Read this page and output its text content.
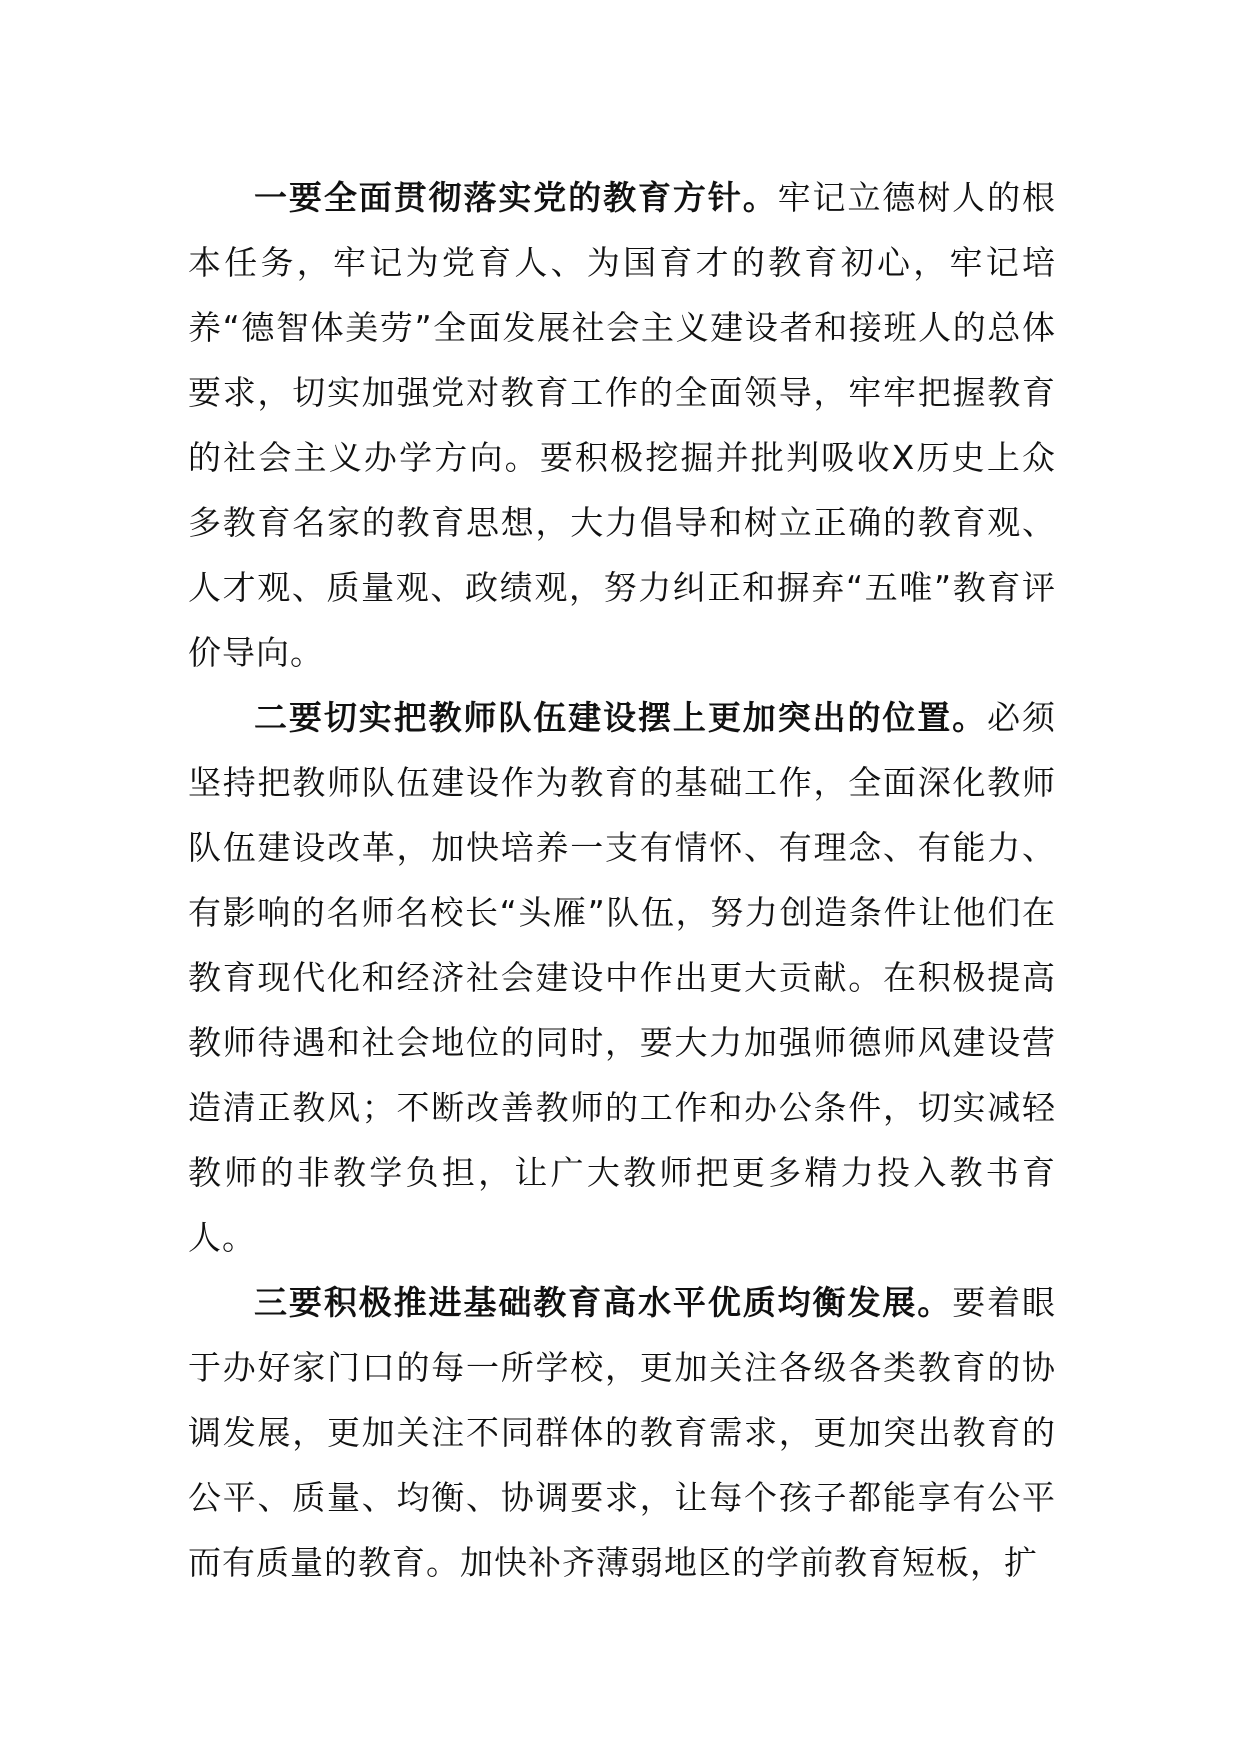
一要全面贯彻落实党的教育方针。牢记立德树人的根本任务，牢记为党育人、为国育才的教育初心，牢记培养“德智体美劳”全面发展社会主义建设者和接班人的总体要求，切实加强党对教育工作的全面领导，牢牢把握教育的社会主义办学方向。要积极挖掘并批判吸收X历史上众多教育名家的教育思想，大力倡导和树立正确的教育观、人才观、质量观、政绩观，努力纠正和摒弃“五唯”教育评价导向。

二要切实把教师队伍建设摆上更加突出的位置。必须坚持把教师队伍建设作为教育的基础工作，全面深化教师队伍建设改革，加快培养一支有情怀、有理念、有能力、有影响的名师名校长“头雁”队伍，努力创造条件让他们在教育现代化和经济社会建设中作出更大贡献。在积极提高教师待遇和社会地位的同时，要大力加强师德师风建设营造清正教风；不断改善教师的工作和办公条件，切实减轻教师的非教学负担，让广大教师把更多精力投入教书育人。

三要积极推进基础教育高水平优质均衡发展。要着眼于办好家门口的每一所学校，更加关注各级各类教育的协调发展，更加关注不同群体的教育需求，更加突出教育的公平、质量、均衡、协调要求，让每个孩子都能享有公平而有质量的教育。加快补齐薄弱地区的学前教育短板，扩
